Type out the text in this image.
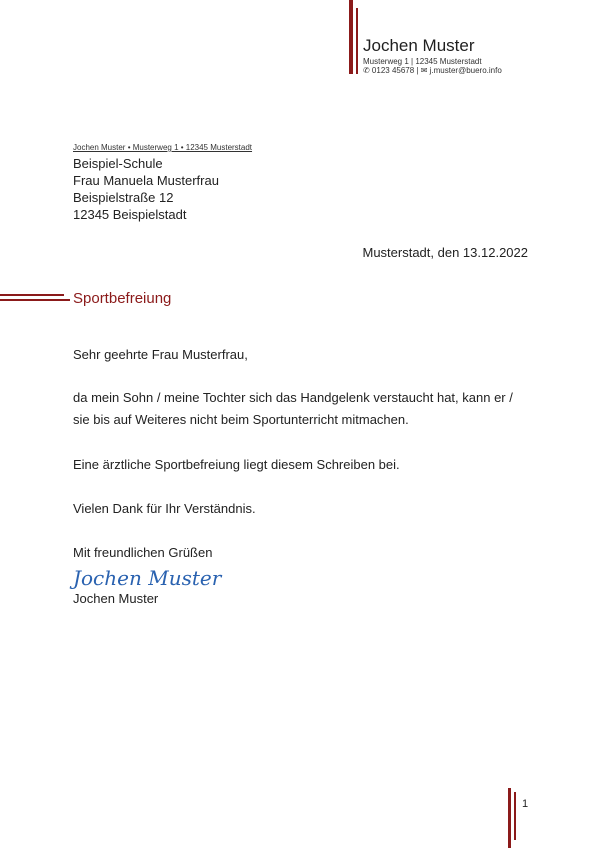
Jochen Muster
Musterweg 1 | 12345 Musterstadt
✆ 0123 45678 | ✉ j.muster@buero.info
Jochen Muster • Musterweg 1 • 12345 Musterstadt
Beispiel-Schule
Frau Manuela Musterfrau
Beispielstraße 12
12345 Beispielstadt
Musterstadt, den 13.12.2022
Sportbefreiung
Sehr geehrte Frau Musterfrau,
da mein Sohn / meine Tochter sich das Handgelenk verstaucht hat, kann er / sie bis auf Weiteres nicht beim Sportunterricht mitmachen.
Eine ärztliche Sportbefreiung liegt diesem Schreiben bei.
Vielen Dank für Ihr Verständnis.
Mit freundlichen Grüßen
Jochen Muster
Jochen Muster
1
